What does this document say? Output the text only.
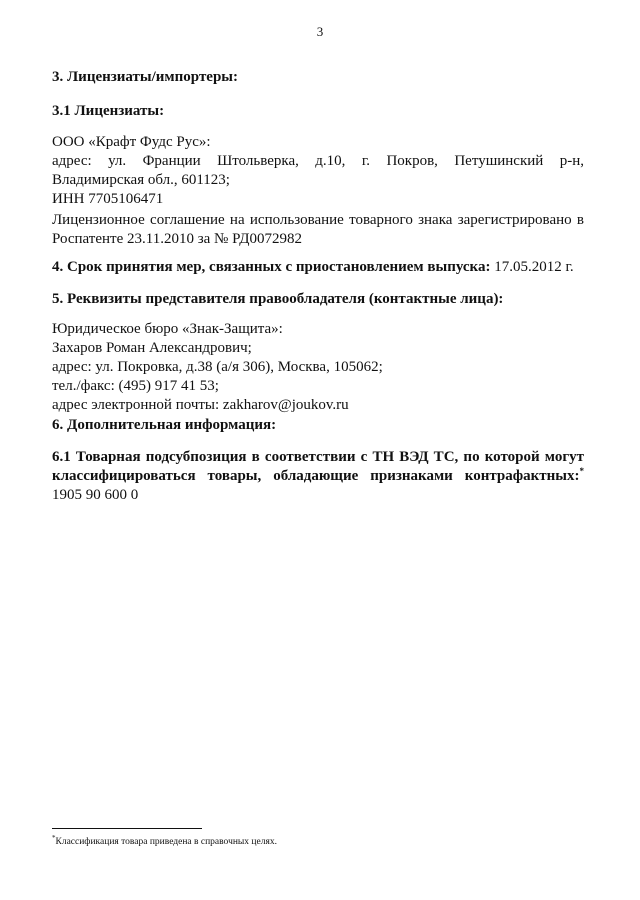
3
3. Лицензиаты/импортеры:
3.1 Лицензиаты:
ООО «Крафт Фудс Рус»:
адрес: ул. Франции Штольверка, д.10, г. Покров, Петушинский р-н,
Владимирская обл., 601123;
ИНН 7705106471
Лицензионное соглашение на использование товарного знака зарегистрировано в
Роспатенте 23.11.2010 за № РД0072982
4. Срок принятия мер, связанных с приостановлением выпуска: 17.05.2012 г.
5. Реквизиты представителя правообладателя (контактные лица):
Юридическое бюро «Знак-Защита»:
Захаров Роман Александрович;
адрес: ул. Покровка, д.38 (а/я 306), Москва, 105062;
тел./факс: (495) 917 41 53;
адрес электронной почты: zakharov@joukov.ru
6. Дополнительная информация:
6.1 Товарная подсубпозиция в соответствии с ТН ВЭД ТС, по которой могут
классифицироваться товары, обладающие признаками контрафактных:*
1905 90 600 0
*Классификация товара приведена в справочных целях.
